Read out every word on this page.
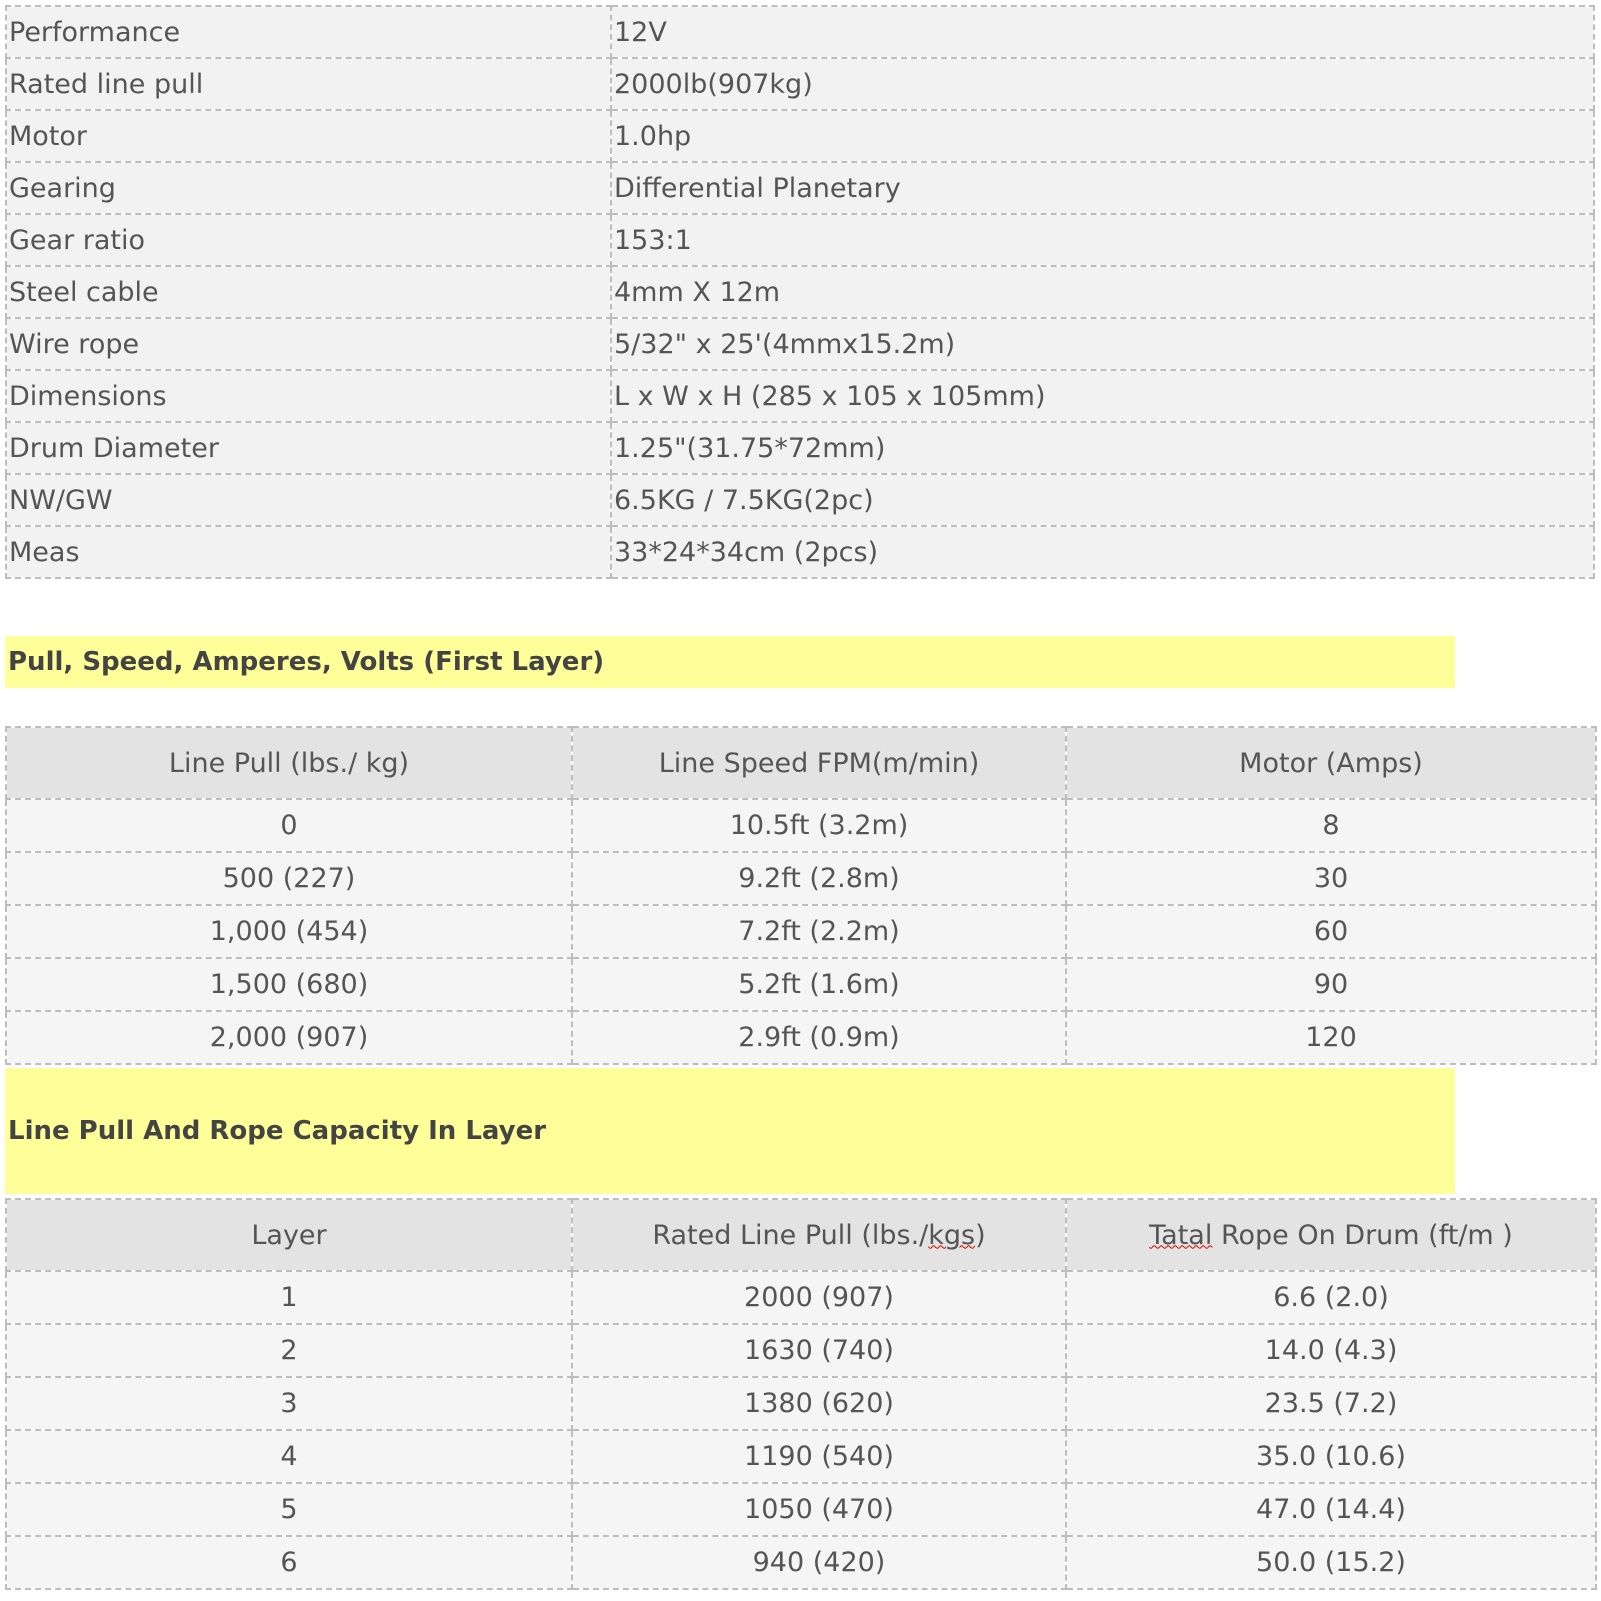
Performance	12V
Rated line pull	2000lb(907kg)
Motor	1.0hp
Gearing	Differential Planetary
Gear ratio	153:1
Steel cable	4mm X 12m
Wire rope	5/32" x 25'(4mmx15.2m)
Dimensions	L x W x H (285 x 105 x 105mm)
Drum Diameter	1.25"(31.75*72mm)
NW/GW	6.5KG / 7.5KG(2pc)
Meas	33*24*34cm (2pcs)
Pull, Speed, Amperes, Volts (First Layer)
Line Pull (lbs./ kg)	Line Speed FPM(m/min)	Motor (Amps)
0	10.5ft (3.2m)	8
500 (227)	9.2ft (2.8m)	30
1,000 (454)	7.2ft (2.2m)	60
1,500 (680)	5.2ft (1.6m)	90
2,000 (907)	2.9ft (0.9m)	120
Line Pull And Rope Capacity In Layer
Layer	Rated Line Pull (lbs./kgs)	Tatal Rope On Drum (ft/m )
1	2000 (907)	6.6 (2.0)
2	1630 (740)	14.0 (4.3)
3	1380 (620)	23.5 (7.2)
4	1190 (540)	35.0 (10.6)
5	1050 (470)	47.0 (14.4)
6	940 (420)	50.0 (15.2)
